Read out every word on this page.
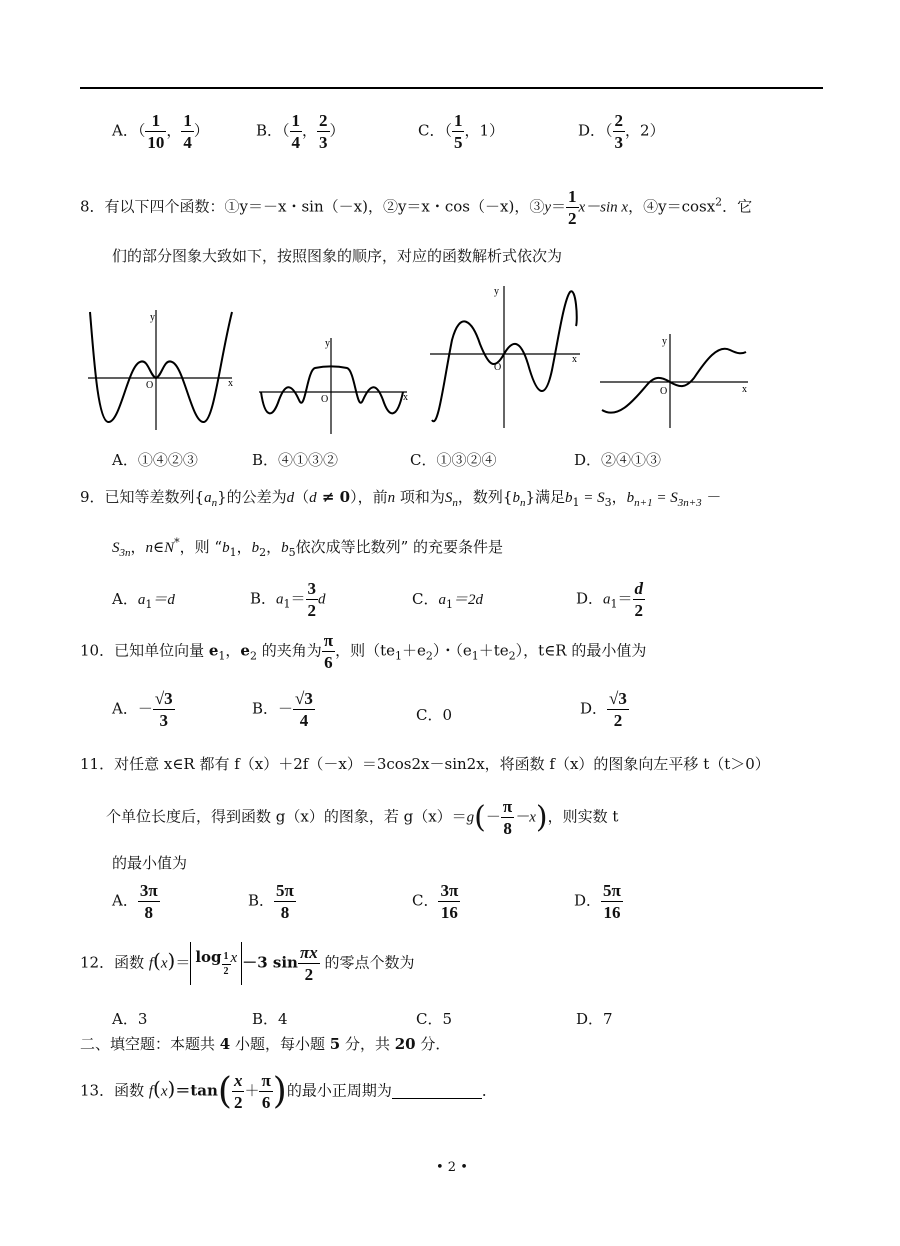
A．（ $\frac{1}{10}$ ， $\frac{1}{4}$ ）	B．（ $\frac{1}{4}$ ， $\frac{2}{3}$ ）	C．（ $\frac{1}{5}$ ，1）	D．（ $\frac{2}{3}$ ，2）
8．有以下四个函数：①y＝－x・sin（－x)，②y＝x・cos（－x)，③y＝ $\frac{1}{2} x-\sin$ x，④y＝cosx$^2$．它
们的部分图象大致如下，按照图象的顺序，对应的函数解析式依次为
y
x
O
y
x
O
y
x
O
y
x
O
A．①④②③	B．④①③②	C．①③②④	D．②④①③
9．已知等差数列$\{a_n\}$的公差为d（d ≠ 0），前n 项和为$S_n$，数列$\{b_n\}$满足$b_1 = S_3$，$b_{n+1} = S_{3n+3}$ －
$S_{3n}$，n∈N*，则 “$b_1$，$b_2$，$b_5$依次成等比数列” 的充要条件是
A．$a_1=d$	B．$a_1= \frac{3}{2}$ d	C．$a_1=2d$	D．$a_1= \frac{d}{2}$
10．已知单位向量 $e_1$，$e_2$ 的夹角为 $\frac{\pi}{6}$ ，则$(te_1+e_2)$・$(e_1+te_2)$，t∈R 的最小值为
A．－ $\frac{√3}{3}$	B．－ $\frac{√3}{4}$	C．0	D． $\frac{√3}{2}$
11．对任意 x∈R 都有 f（x）＋2f（－x）＝3cos2x－sin2x，将函数 f（x）的图象向左平移 t（t＞0）
个单位长度后，得到函数 g（x）的图象，若 $g(x)=g(- \frac{\pi}{8} -x)$，则实数 t
的最小值为
A． $\frac{3\pi}{8}$	B． $\frac{5\pi}{8}$	C． $\frac{3\pi}{16}$	D． $\frac{5\pi}{16}$
12．函数 $f(x)= \log \frac{1}{2}$ x －3 $\sin \frac{\pi x}{2}$ 的零点个数为
A．3	B．4	C．5	D．7
二、填空题：本题共 4 小题，每小题 5 分，共 20 分．
13．函数 $f(x)=\tan( \frac{x}{2} + \frac{\pi}{6}$ )的最小正周期为	．
• 2 •
